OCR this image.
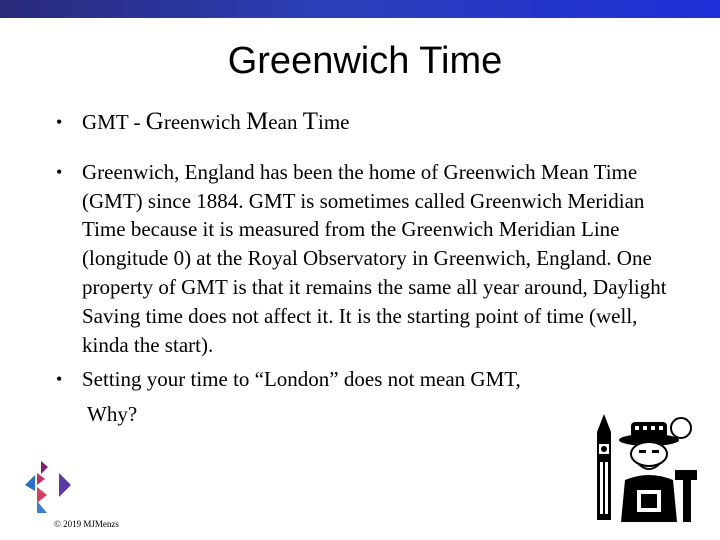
Greenwich Time
• GMT - Greenwich Mean Time
• Greenwich, England has been the home of Greenwich Mean Time (GMT) since 1884. GMT is sometimes called Greenwich Meridian Time because it is measured from the Greenwich Meridian Line (longitude 0) at the Royal Observatory in Greenwich, England. One property of GMT is that it remains the same all year around, Daylight Saving time does not affect it. It is the starting point of time (well, kinda the start).
• Setting your time to “London” does not mean GMT,
Why?
© 2019 MJMenzs
